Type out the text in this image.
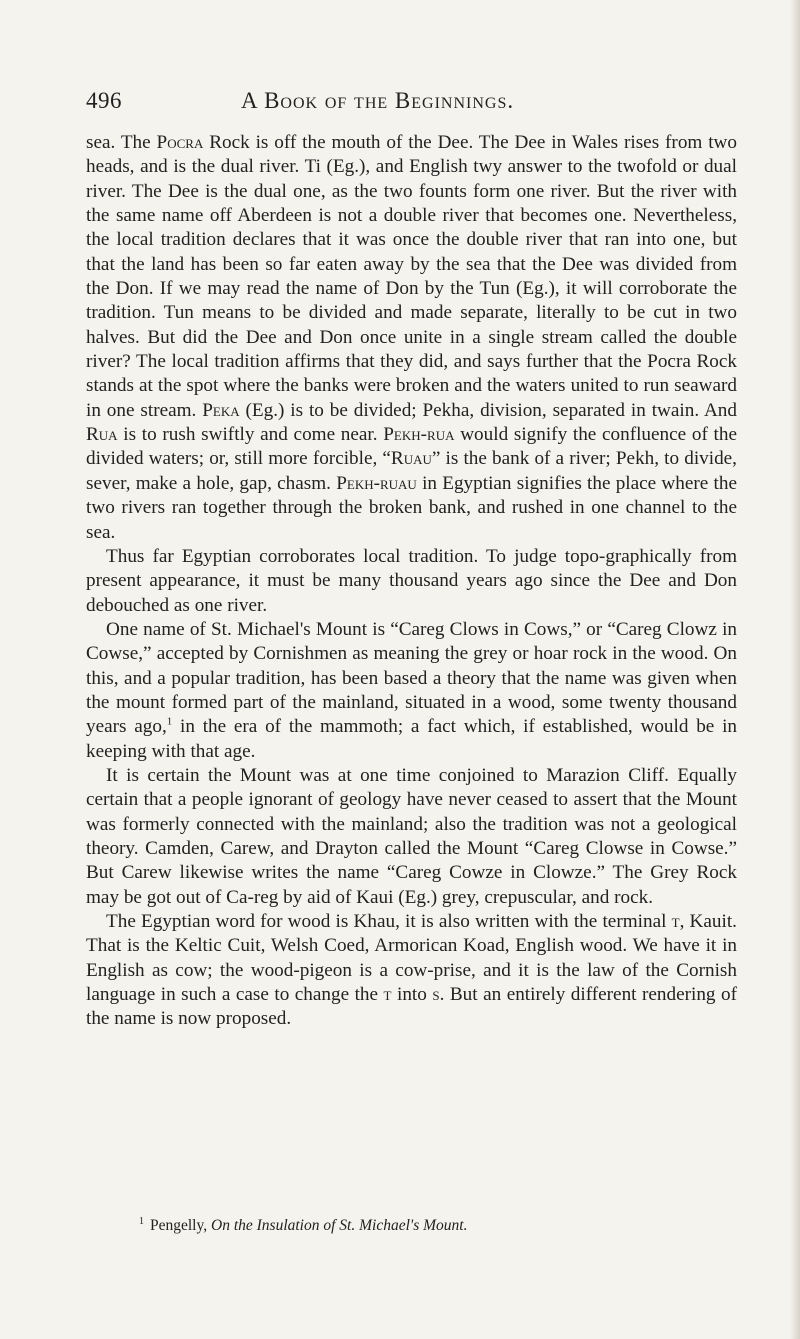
496	A Book of the Beginnings.

sea. The Pocra Rock is off the mouth of the Dee. The Dee in Wales rises from two heads, and is the dual river. Ti (Eg.), and English twy answer to the twofold or dual river. The Dee is the dual one, as the two founts form one river. But the river with the same name off Aberdeen is not a double river that becomes one. Nevertheless, the local tradition declares that it was once the double river that ran into one, but that the land has been so far eaten away by the sea that the Dee was divided from the Don. If we may read the name of Don by the Tun (Eg.), it will corroborate the tradition. Tun means to be divided and made separate, literally to be cut in two halves. But did the Dee and Don once unite in a single stream called the double river? The local tradition affirms that they did, and says further that the Pocra Rock stands at the spot where the banks were broken and the waters united to run seaward in one stream. Peka (Eg.) is to be divided; Pekha, division, separated in twain. And Rua is to rush swiftly and come near. Pekh-rua would signify the confluence of the divided waters; or, still more forcible, “Ruau” is the bank of a river; Pekh, to divide, sever, make a hole, gap, chasm. Pekh-ruau in Egyptian signifies the place where the two rivers ran together through the broken bank, and rushed in one channel to the sea.

Thus far Egyptian corroborates local tradition. To judge topo-graphically from present appearance, it must be many thousand years ago since the Dee and Don debouched as one river.

One name of St. Michael's Mount is “Careg Clows in Cows,” or “Careg Clowz in Cowse,” accepted by Cornishmen as meaning the grey or hoar rock in the wood. On this, and a popular tradition, has been based a theory that the name was given when the mount formed part of the mainland, situated in a wood, some twenty thousand years ago,$^1$ in the era of the mammoth; a fact which, if established, would be in keeping with that age.

It is certain the Mount was at one time conjoined to Marazion Cliff. Equally certain that a people ignorant of geology have never ceased to assert that the Mount was formerly connected with the mainland; also the tradition was not a geological theory. Camden, Carew, and Drayton called the Mount “Careg Clowse in Cowse.” But Carew likewise writes the name “Careg Cowze in Clowze.” The Grey Rock may be got out of Ca-reg by aid of Kaui (Eg.) grey, crepuscular, and rock.

The Egyptian word for wood is Khau, it is also written with the terminal t, Kauit. That is the Keltic Cuit, Welsh Coed, Armorican Koad, English wood. We have it in English as cow; the wood-pigeon is a cow-prise, and it is the law of the Cornish language in such a case to change the t into s. But an entirely different rendering of the name is now proposed.

$^1$ Pengelly, On the Insulation of St. Michael's Mount.
